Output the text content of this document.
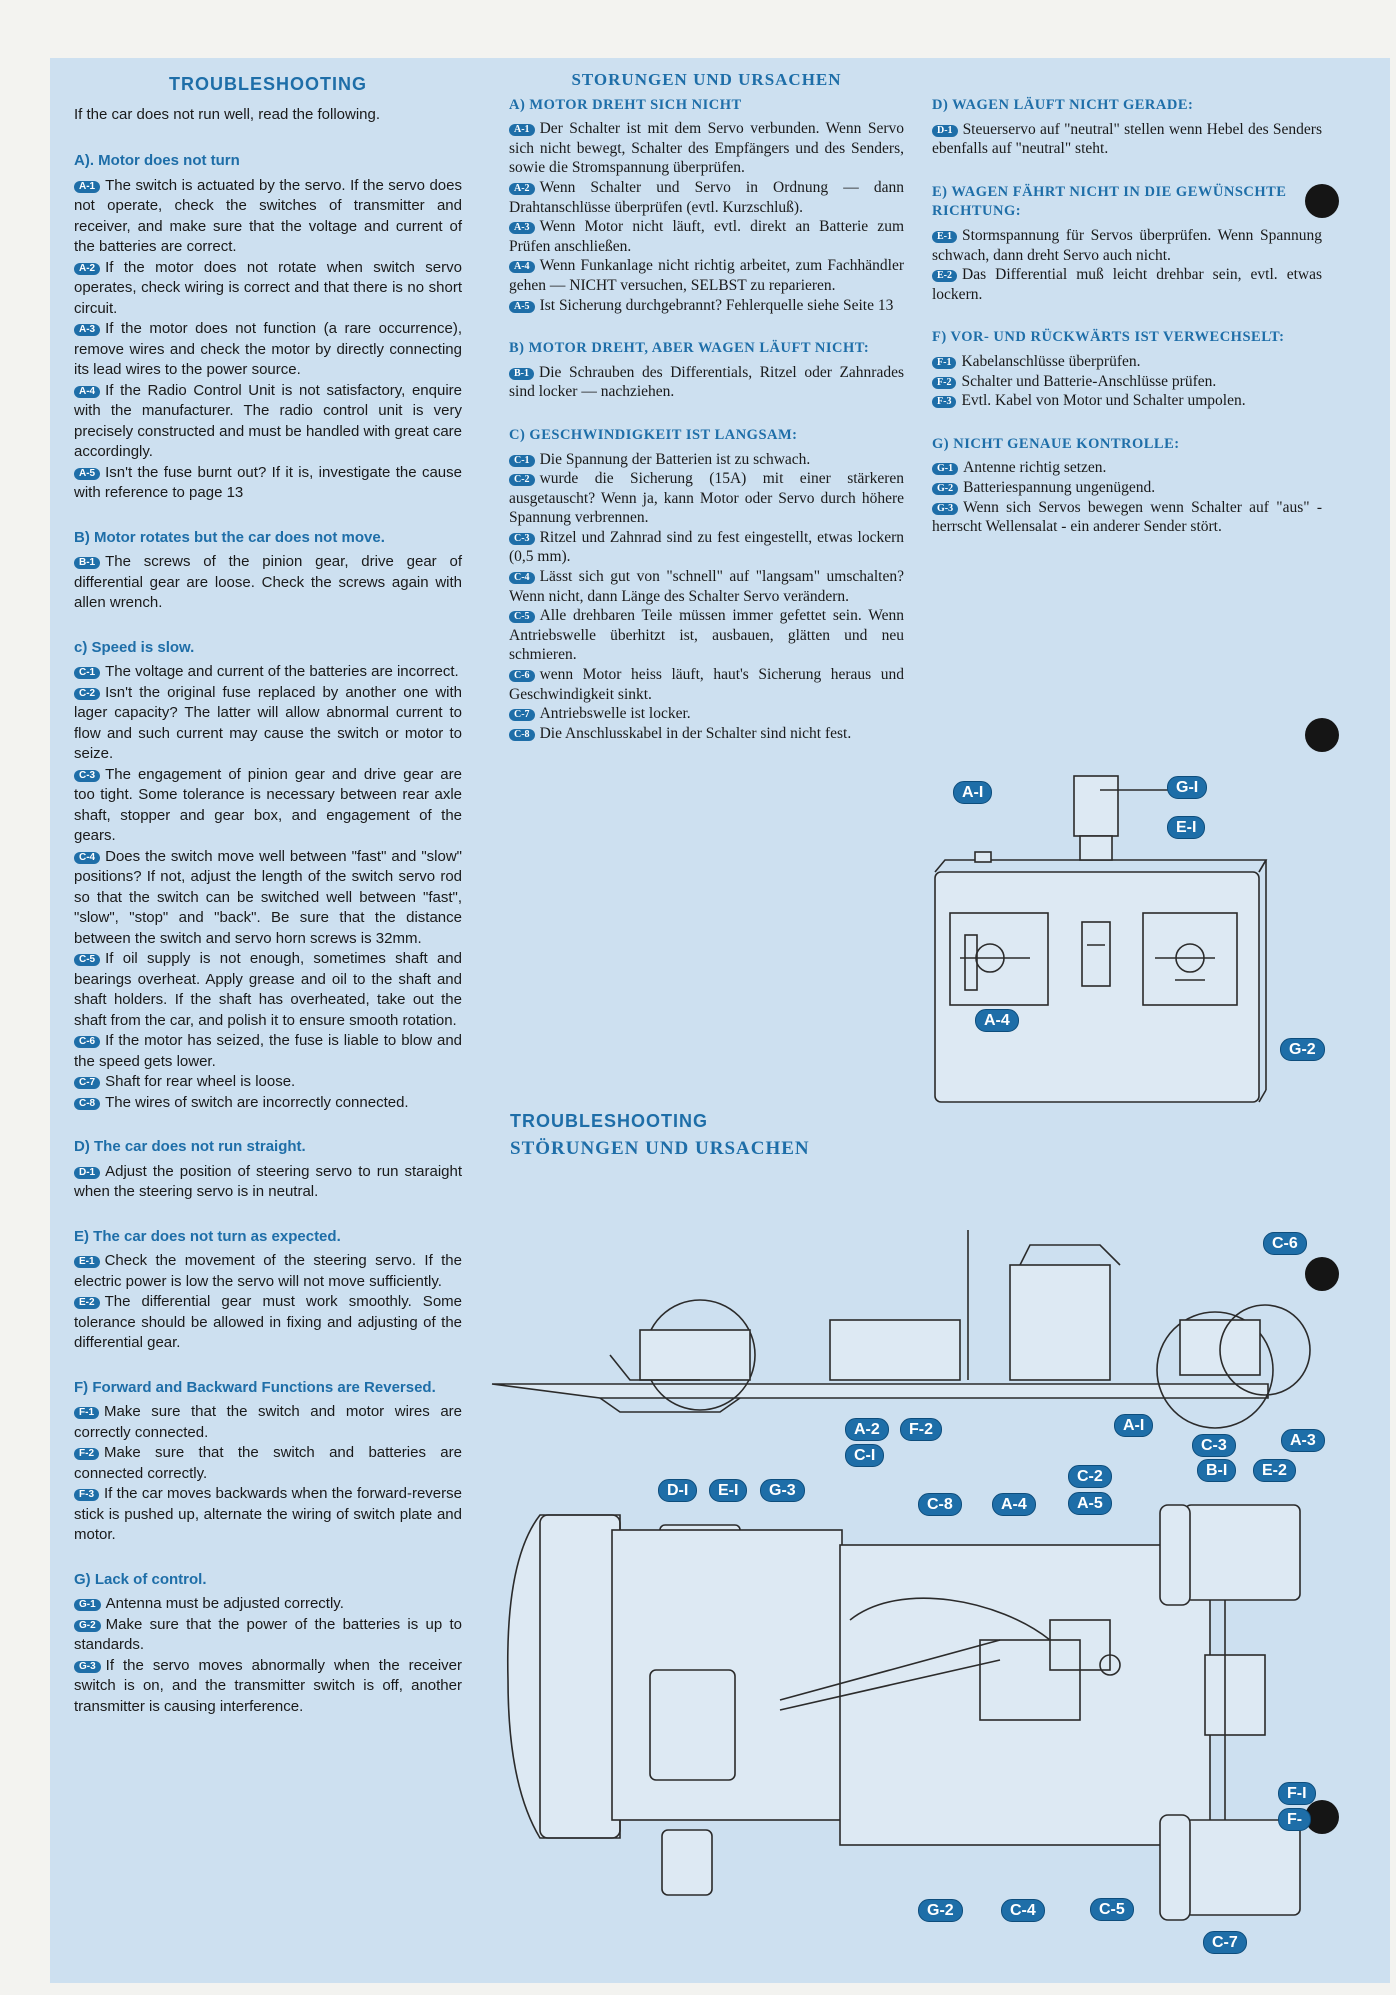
TROUBLESHOOTING

If the car does not run well, read the following.

A). Motor does not turn

A-1 The switch is actuated by the servo. If the servo does not operate, check the switches of transmitter and receiver, and make sure that the voltage and current of the batteries are correct.

A-2 If the motor does not rotate when switch servo operates, check wiring is correct and that there is no short circuit.

A-3 If the motor does not function (a rare occurrence), remove wires and check the motor by directly connecting its lead wires to the power source.

A-4 If the Radio Control Unit is not satisfactory, enquire with the manufacturer. The radio control unit is very precisely constructed and must be handled with great care accordingly.

A-5 Isn't the fuse burnt out? If it is, investigate the cause with reference to page 13

B) Motor rotates but the car does not move.

B-1 The screws of the pinion gear, drive gear of differential gear are loose. Check the screws again with allen wrench.

c) Speed is slow.

C-1 The voltage and current of the batteries are incorrect.

C-2 Isn't the original fuse replaced by another one with lager capacity? The latter will allow abnormal current to flow and such current may cause the switch or motor to seize.

C-3 The engagement of pinion gear and drive gear are too tight. Some tolerance is necessary between rear axle shaft, stopper and gear box, and engagement of the gears.

C-4 Does the switch move well between "fast" and "slow" positions? If not, adjust the length of the switch servo rod so that the switch can be switched well between "fast", "slow", "stop" and "back". Be sure that the distance between the switch and servo horn screws is 32mm.

C-5 If oil supply is not enough, sometimes shaft and bearings overheat. Apply grease and oil to the shaft and shaft holders. If the shaft has overheated, take out the shaft from the car, and polish it to ensure smooth rotation.

C-6 If the motor has seized, the fuse is liable to blow and the speed gets lower.

C-7 Shaft for rear wheel is loose.

C-8 The wires of switch are incorrectly connected.

D) The car does not run straight.

D-1 Adjust the position of steering servo to run staraight when the steering servo is in neutral.

E) The car does not turn as expected.

E-1 Check the movement of the steering servo. If the electric power is low the servo will not move sufficiently.

E-2 The differential gear must work smoothly. Some tolerance should be allowed in fixing and adjusting of the differential gear.

F) Forward and Backward Functions are Reversed.

F-1 Make sure that the switch and motor wires are correctly connected.

F-2 Make sure that the switch and batteries are connected correctly.

F-3 If the car moves backwards when the forward-reverse stick is pushed up, alternate the wiring of switch plate and motor.

G) Lack of control.

G-1 Antenna must be adjusted correctly.

G-2 Make sure that the power of the batteries is up to standards.

G-3 If the servo moves abnormally when the receiver switch is on, and the transmitter switch is off, another transmitter is causing interference.

STORUNGEN UND URSACHEN
A) MOTOR DREHT SICH NICHT

A-1 Der Schalter ist mit dem Servo verbunden. Wenn Servo sich nicht bewegt, Schalter des Empfängers und des Senders, sowie die Stromspannung überprüfen.

A-2 Wenn Schalter und Servo in Ordnung — dann Drahtanschlüsse überprüfen (evtl. Kurzschluß).

A-3 Wenn Motor nicht läuft, evtl. direkt an Batterie zum Prüfen anschließen.

A-4 Wenn Funkanlage nicht richtig arbeitet, zum Fachhändler gehen — NICHT versuchen, SELBST zu reparieren.

A-5 Ist Sicherung durchgebrannt? Fehlerquelle siehe Seite 13

B) MOTOR DREHT, ABER WAGEN LÄUFT NICHT:

B-1 Die Schrauben des Differentials, Ritzel oder Zahnrades sind locker — nachziehen.

C) GESCHWINDIGKEIT IST LANGSAM:

C-1 Die Spannung der Batterien ist zu schwach.

C-2 wurde die Sicherung (15A) mit einer stärkeren ausgetauscht? Wenn ja, kann Motor oder Servo durch höhere Spannung verbrennen.

C-3 Ritzel und Zahnrad sind zu fest eingestellt, etwas lockern (0,5 mm).

C-4 Lässt sich gut von "schnell" auf "langsam" umschalten? Wenn nicht, dann Länge des Schalter Servo verändern.

C-5 Alle drehbaren Teile müssen immer gefettet sein. Wenn Antriebswelle überhitzt ist, ausbauen, glätten und neu schmieren.

C-6 wenn Motor heiss läuft, haut's Sicherung heraus und Geschwindigkeit sinkt.

C-7 Antriebswelle ist locker.

C-8 Die Anschlusskabel in der Schalter sind nicht fest.

D) WAGEN LÄUFT NICHT GERADE:

D-1 Steuerservo auf "neutral" stellen wenn Hebel des Senders ebenfalls auf "neutral" steht.

E) WAGEN FÄHRT NICHT IN DIE GEWÜNSCHTE RICHTUNG:

E-1 Stormspannung für Servos überprüfen. Wenn Spannung schwach, dann dreht Servo auch nicht.

E-2 Das Differential muß leicht drehbar sein, evtl. etwas lockern.

F) VOR- UND RÜCKWÄRTS IST VERWECHSELT:

F-1 Kabelanschlüsse überprüfen.

F-2 Schalter und Batterie-Anschlüsse prüfen.

F-3 Evtl. Kabel von Motor und Schalter umpolen.

G) NICHT GENAUE KONTROLLE:

G-1 Antenne richtig setzen.

G-2 Batteriespannung ungenügend.

G-3 Wenn sich Servos bewegen wenn Schalter auf "aus" - herrscht Wellensalat - ein anderer Sender stört.

TROUBLESHOOTING
STÖRUNGEN UND URSACHEN
A-I	G-I
E-I
A-4
G-2
C-6
A-2	F-2
C-I
A-I
C-3	A-3
C-2	B-I	E-2
D-I	E-I	G-3
C-8	A-4	A-5
F-I
F-
G-2	C-4	C-5
C-7
